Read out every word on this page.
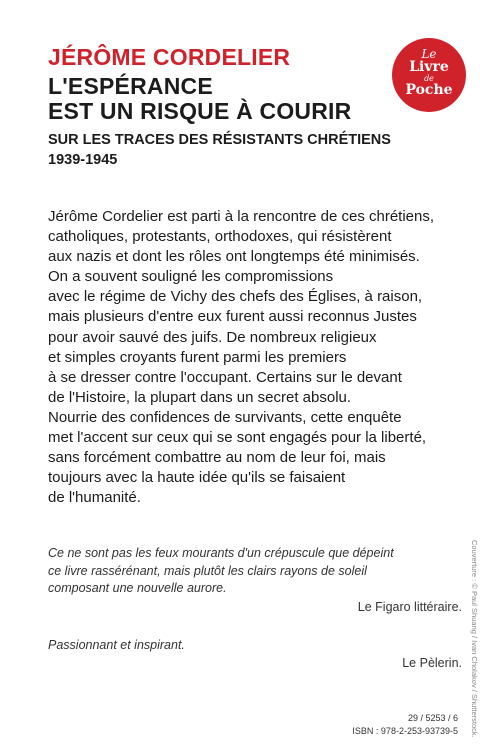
JÉRÔME CORDELIER
L'ESPÉRANCE
EST UN RISQUE À COURIR
SUR LES TRACES DES RÉSISTANTS CHRÉTIENS
1939-1945
Le
Livre
de
Poche
Jérôme Cordelier est parti à la rencontre de ces chrétiens,
catholiques, protestants, orthodoxes, qui résistèrent
aux nazis et dont les rôles ont longtemps été minimisés.
On a souvent souligné les compromissions
avec le régime de Vichy des chefs des Églises, à raison,
mais plusieurs d'entre eux furent aussi reconnus Justes
pour avoir sauvé des juifs. De nombreux religieux
et simples croyants furent parmi les premiers
à se dresser contre l'occupant. Certains sur le devant
de l'Histoire, la plupart dans un secret absolu.
Nourrie des confidences de survivants, cette enquête
met l'accent sur ceux qui se sont engagés pour la liberté,
sans forcément combattre au nom de leur foi, mais
toujours avec la haute idée qu'ils se faisaient
de l'humanité.
Ce ne sont pas les feux mourants d'un crépuscule que dépeint
ce livre rassérénant, mais plutôt les clairs rayons de soleil
composant une nouvelle aurore.
Le Figaro littéraire.
Passionnant et inspirant.
Le Pèlerin. Couverture : © Paul Shuang / Ivan Cholakov / Shutterstock.
29 / 5253 / 6
ISBN : 978-2-253-93739-5
